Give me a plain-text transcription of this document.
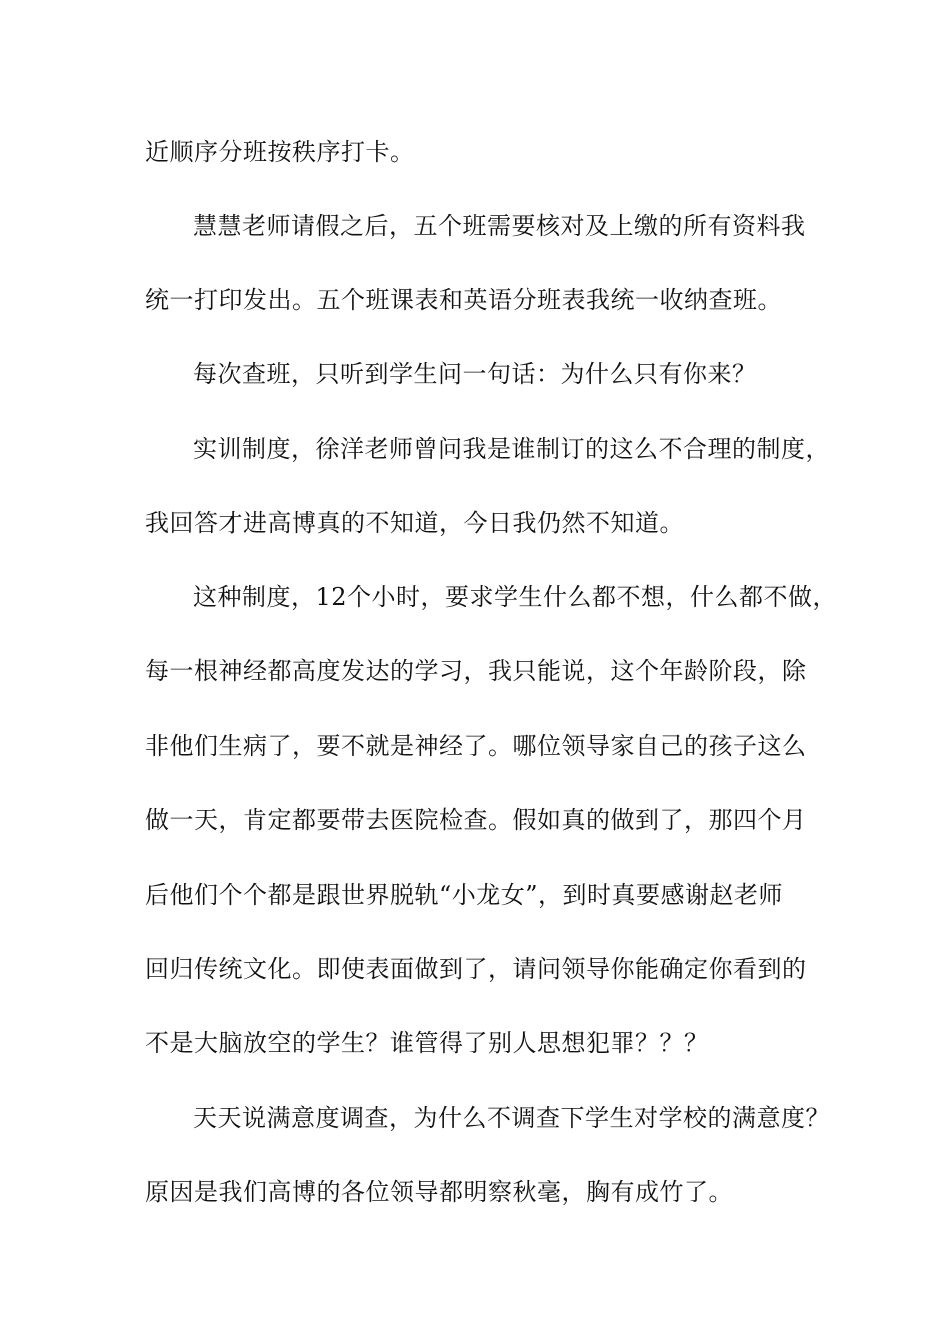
近顺序分班按秩序打卡。
慧慧老师请假之后，五个班需要核对及上缴的所有资料我
统一打印发出。五个班课表和英语分班表我统一收纳查班。
每次查班，只听到学生问一句话：为什么只有你来？
实训制度，徐洋老师曾问我是谁制订的这么不合理的制度，
我回答才进高博真的不知道，今日我仍然不知道。
这种制度，12个小时，要求学生什么都不想，什么都不做，
每一根神经都高度发达的学习，我只能说，这个年龄阶段，除
非他们生病了，要不就是神经了。哪位领导家自己的孩子这么
做一天，肯定都要带去医院检查。假如真的做到了，那四个月
后他们个个都是跟世界脱轨“小龙女”，到时真要感谢赵老师
回归传统文化。即使表面做到了，请问领导你能确定你看到的
不是大脑放空的学生？谁管得了别人思想犯罪？？？
天天说满意度调查，为什么不调查下学生对学校的满意度？
原因是我们高博的各位领导都明察秋毫，胸有成竹了。
